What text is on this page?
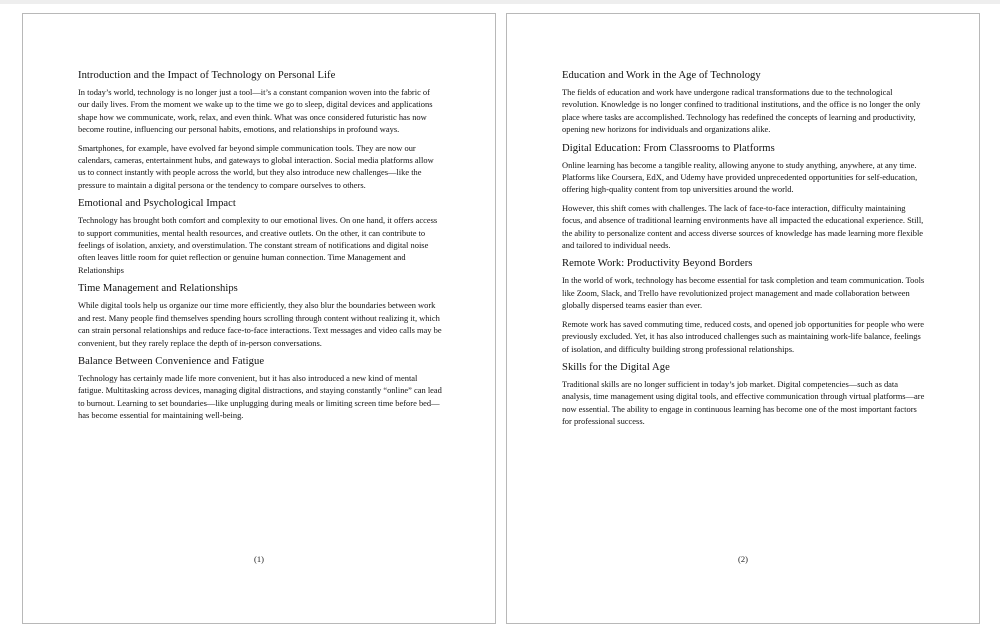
Introduction and the Impact of Technology on Personal Life

In today’s world, technology is no longer just a tool—it’s a constant companion woven into the fabric of our daily lives. From the moment we wake up to the time we go to sleep, digital devices and applications shape how we communicate, work, relax, and even think. What was once considered futuristic has now become routine, influencing our personal habits, emotions, and relationships in profound ways.

Smartphones, for example, have evolved far beyond simple communication tools. They are now our calendars, cameras, entertainment hubs, and gateways to global interaction. Social media platforms allow us to connect instantly with people across the world, but they also introduce new challenges—like the pressure to maintain a digital persona or the tendency to compare ourselves to others.

Emotional and Psychological Impact

Technology has brought both comfort and complexity to our emotional lives. On one hand, it offers access to support communities, mental health resources, and creative outlets. On the other, it can contribute to feelings of isolation, anxiety, and overstimulation. The constant stream of notifications and digital noise often leaves little room for quiet reflection or genuine human connection. Time Management and Relationships

Time Management and Relationships

While digital tools help us organize our time more efficiently, they also blur the boundaries between work and rest. Many people find themselves spending hours scrolling through content without realizing it, which can strain personal relationships and reduce face-to-face interactions. Text messages and video calls may be convenient, but they rarely replace the depth of in-person conversations.

Balance Between Convenience and Fatigue

Technology has certainly made life more convenient, but it has also introduced a new kind of mental fatigue. Multitasking across devices, managing digital distractions, and staying constantly “online” can lead to burnout. Learning to set boundaries—like unplugging during meals or limiting screen time before bed—has become essential for maintaining well-being.

(1)
Education and Work in the Age of Technology

The fields of education and work have undergone radical transformations due to the technological revolution. Knowledge is no longer confined to traditional institutions, and the office is no longer the only place where tasks are accomplished. Technology has redefined the concepts of learning and productivity, opening new horizons for individuals and organizations alike.

Digital Education: From Classrooms to Platforms

Online learning has become a tangible reality, allowing anyone to study anything, anywhere, at any time. Platforms like Coursera, EdX, and Udemy have provided unprecedented opportunities for self-education, offering high-quality content from top universities around the world.

However, this shift comes with challenges. The lack of face-to-face interaction, difficulty maintaining focus, and absence of traditional learning environments have all impacted the educational experience. Still, the ability to personalize content and access diverse sources of knowledge has made learning more flexible and tailored to individual needs.

Remote Work: Productivity Beyond Borders

In the world of work, technology has become essential for task completion and team communication. Tools like Zoom, Slack, and Trello have revolutionized project management and made collaboration between globally dispersed teams easier than ever.

Remote work has saved commuting time, reduced costs, and opened job opportunities for people who were previously excluded. Yet, it has also introduced challenges such as maintaining work-life balance, feelings of isolation, and difficulty building strong professional relationships.

Skills for the Digital Age

Traditional skills are no longer sufficient in today’s job market. Digital competencies—such as data analysis, time management using digital tools, and effective communication through virtual platforms—are now essential. The ability to engage in continuous learning has become one of the most important factors for professional success.

(2)
